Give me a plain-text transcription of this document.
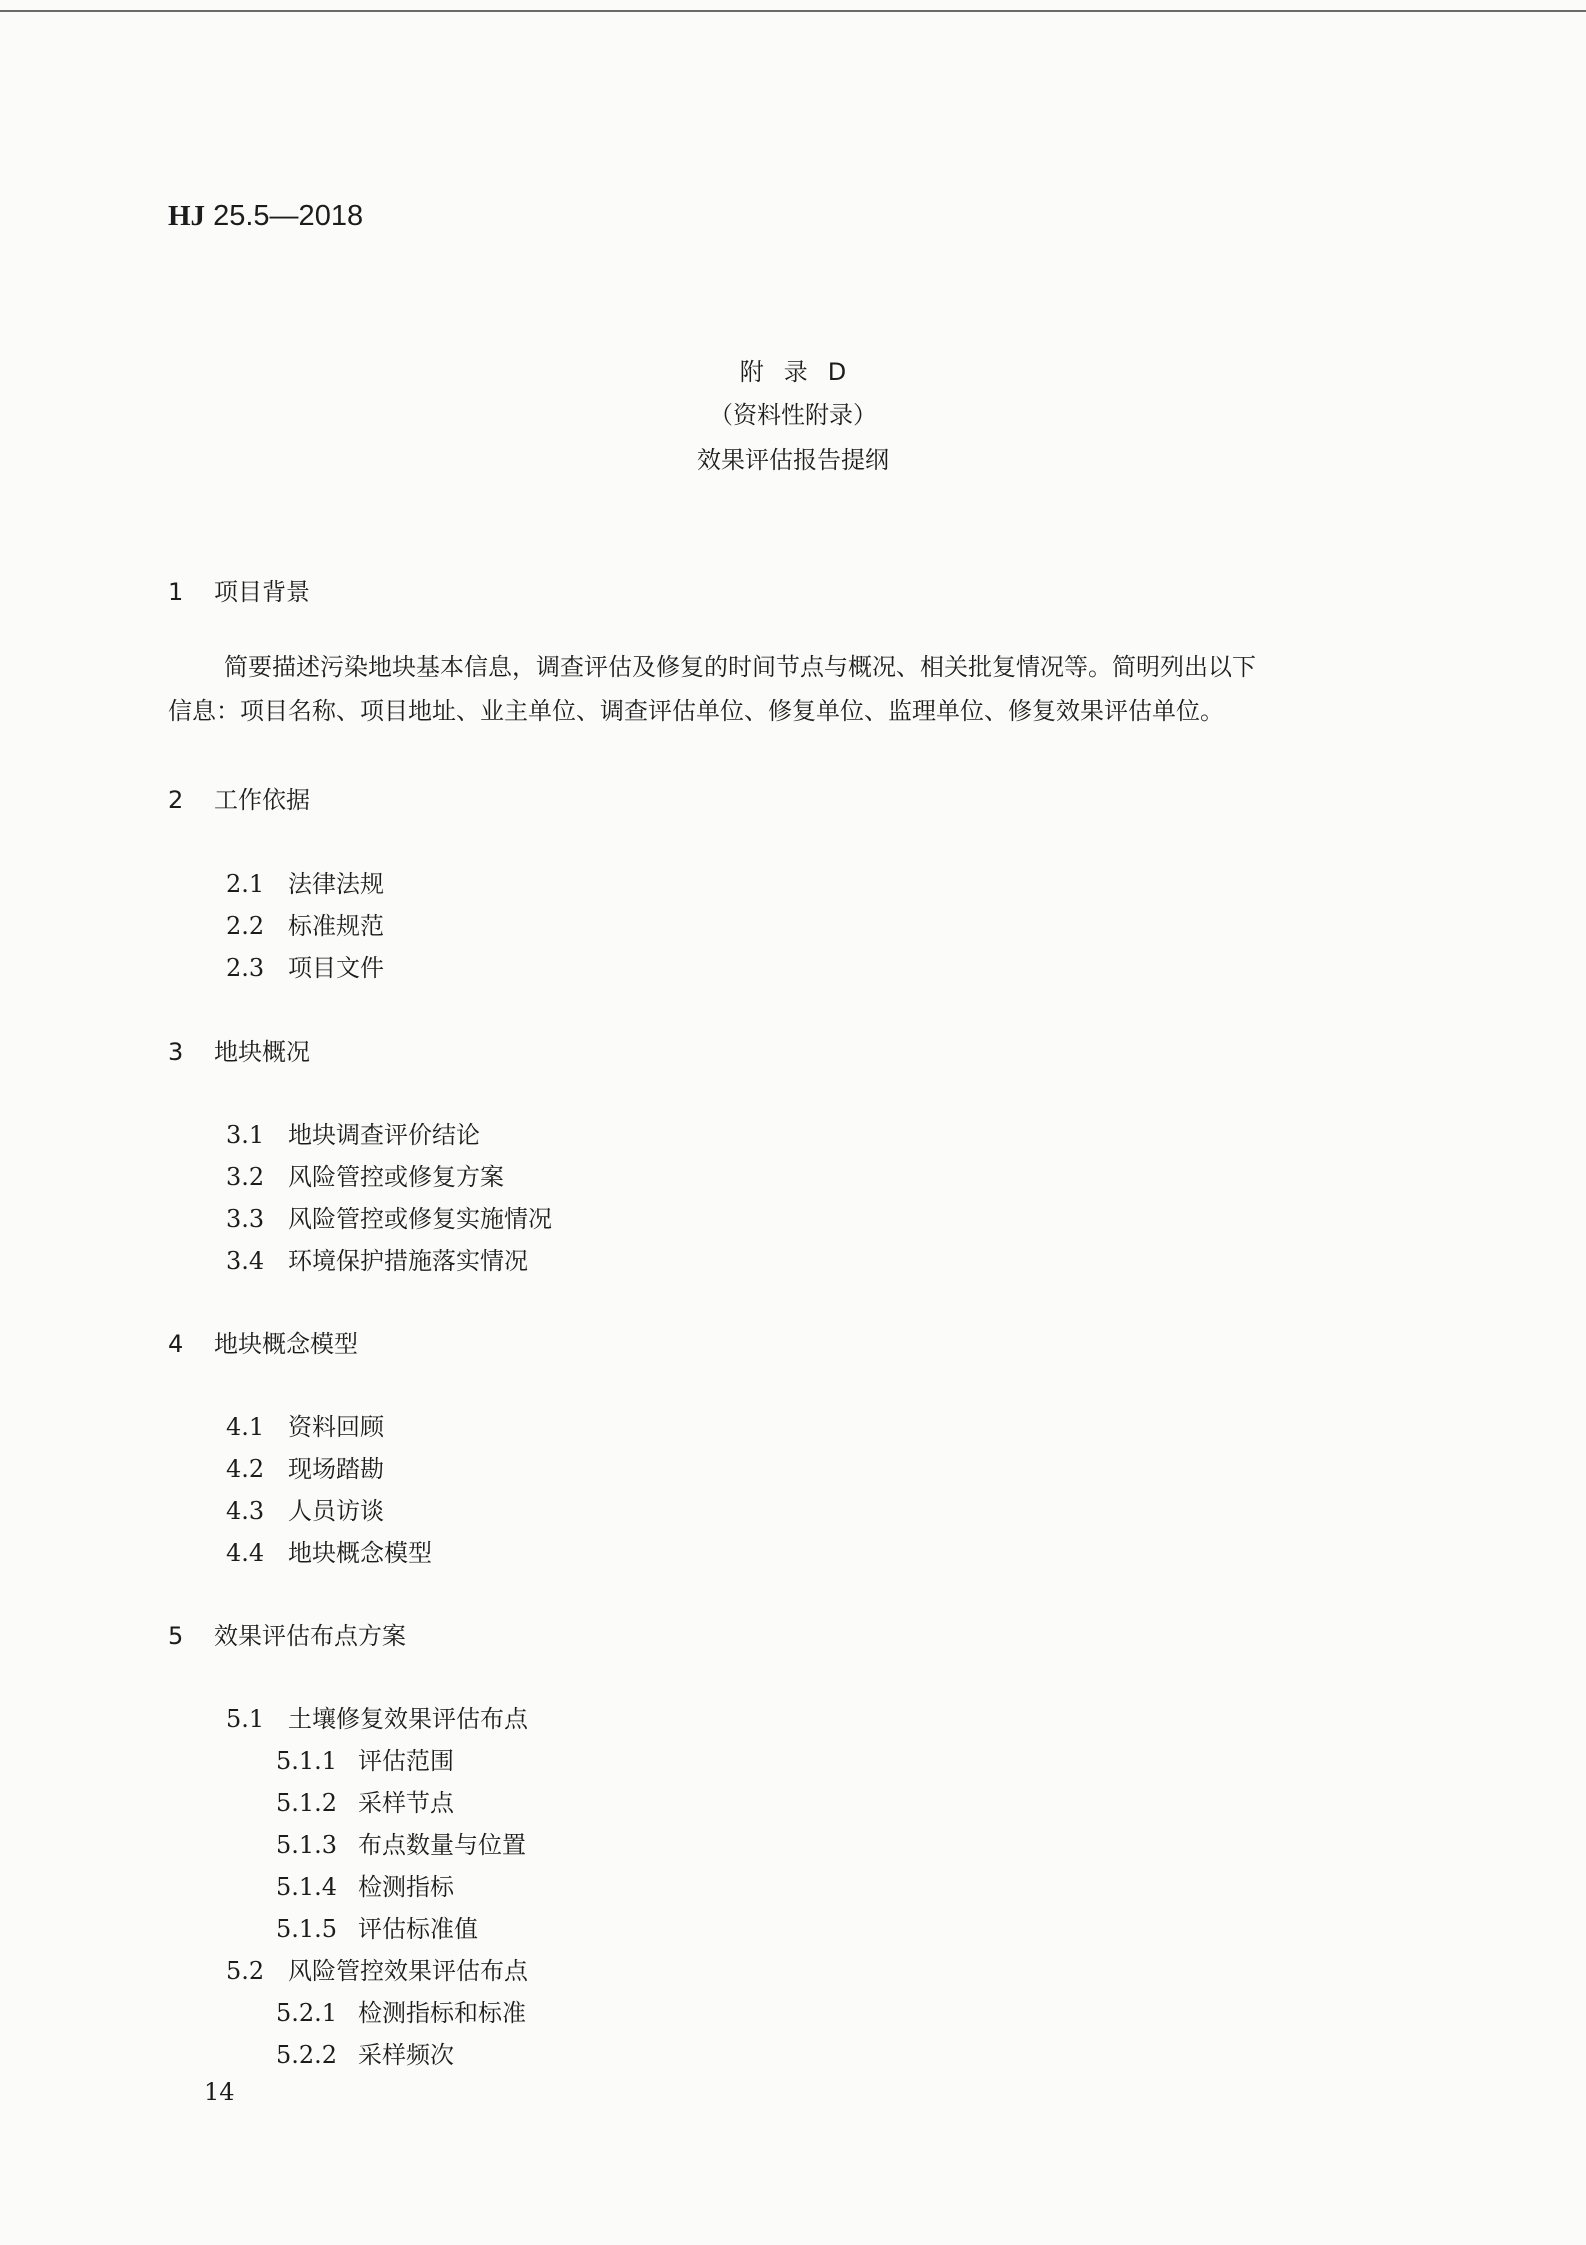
HJ 25.5—2018
附录D
（资料性附录）
效果评估报告提纲
1 项目背景
简要描述污染地块基本信息，调查评估及修复的时间节点与概况、相关批复情况等。简明列出以下
信息：项目名称、项目地址、业主单位、调查评估单位、修复单位、监理单位、修复效果评估单位。
2 工作依据
2.1 法律法规
2.2 标准规范
2.3 项目文件
3 地块概况
3.1 地块调查评价结论
3.2 风险管控或修复方案
3.3 风险管控或修复实施情况
3.4 环境保护措施落实情况
4 地块概念模型
4.1 资料回顾
4.2 现场踏勘
4.3 人员访谈
4.4 地块概念模型
5 效果评估布点方案
5.1 土壤修复效果评估布点
5.1.1 评估范围
5.1.2 采样节点
5.1.3 布点数量与位置
5.1.4 检测指标
5.1.5 评估标准值
5.2 风险管控效果评估布点
5.2.1 检测指标和标准
5.2.2 采样频次
14
